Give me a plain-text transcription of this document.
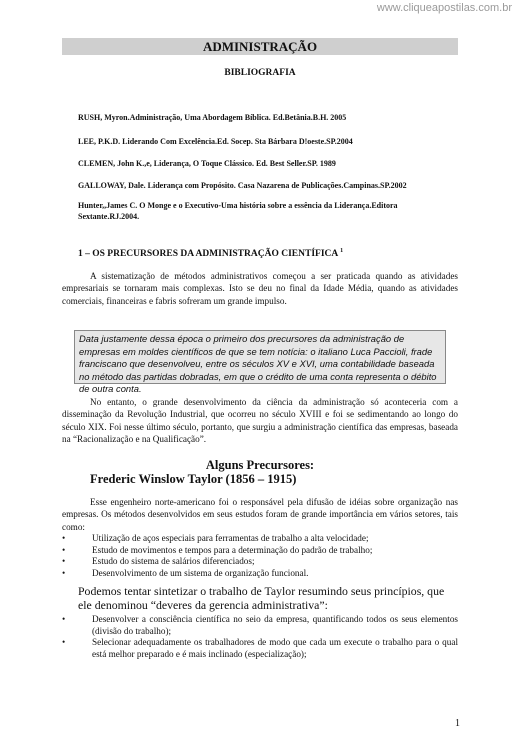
www.cliqueapostilas.com.br
ADMINISTRAÇÃO
BIBLIOGRAFIA
RUSH, Myron.Administração, Uma Abordagem Bíblica. Ed.Betânia.B.H. 2005
LEE, P.K.D. Liderando Com Excelência.Ed. Socep. Sta Bárbara D!oeste.SP.2004
CLEMEN, John K.,e, Liderança, O Toque Clássico. Ed. Best Seller.SP. 1989
GALLOWAY, Dale. Liderança com Propósito. Casa Nazarena de Publicações.Campinas.SP.2002
Hunter,,James C. O Monge e o Executivo-Uma história sobre a essência da Liderança.Editora Sextante.RJ.2004.
1 – OS PRECURSORES DA ADMINISTRAÇÃO CIENTÍFICA $^1$
A sistematização de métodos administrativos começou a ser praticada quando as atividades empresariais se tornaram mais complexas. Isto se deu no final da Idade Média, quando as atividades comerciais, financeiras e fabris sofreram um grande impulso.
Data justamente dessa época o primeiro dos precursores da administração de empresas em moldes científicos de que se tem notícia: o italiano Luca Paccioli, frade franciscano que desenvolveu, entre os séculos XV e XVI, uma contabilidade baseada no método das partidas dobradas, em que o crédito de uma conta representa o débito de outra conta.
No entanto, o grande desenvolvimento da ciência da administração só aconteceria com a disseminação da Revolução Industrial, que ocorreu no século XVIII e foi se sedimentando ao longo do século XIX. Foi nesse último século, portanto, que surgiu a administração científica das empresas, baseada na “Racionalização e na Qualificação”.
Alguns Precursores:
Frederic Winslow Taylor (1856 – 1915)
Esse engenheiro norte-americano foi o responsável pela difusão de idéias sobre organização nas empresas. Os métodos desenvolvidos em seus estudos foram de grande importância em vários setores, tais como:
•	Utilização de aços especiais para ferramentas de trabalho a alta velocidade;
•	Estudo de movimentos e tempos para a determinação do padrão de trabalho;
•	Estudo do sistema de salários diferenciados;
•	Desenvolvimento de um sistema de organização funcional.
Podemos tentar sintetizar o trabalho de Taylor resumindo seus princípios, que ele denominou “deveres da gerencia administrativa”:
•	Desenvolver a consciência científica no seio da empresa, quantificando todos os seus elementos (divisão do trabalho);
•	Selecionar adequadamente os trabalhadores de modo que cada um execute o trabalho para o qual está melhor preparado e é mais inclinado (especialização);
1
